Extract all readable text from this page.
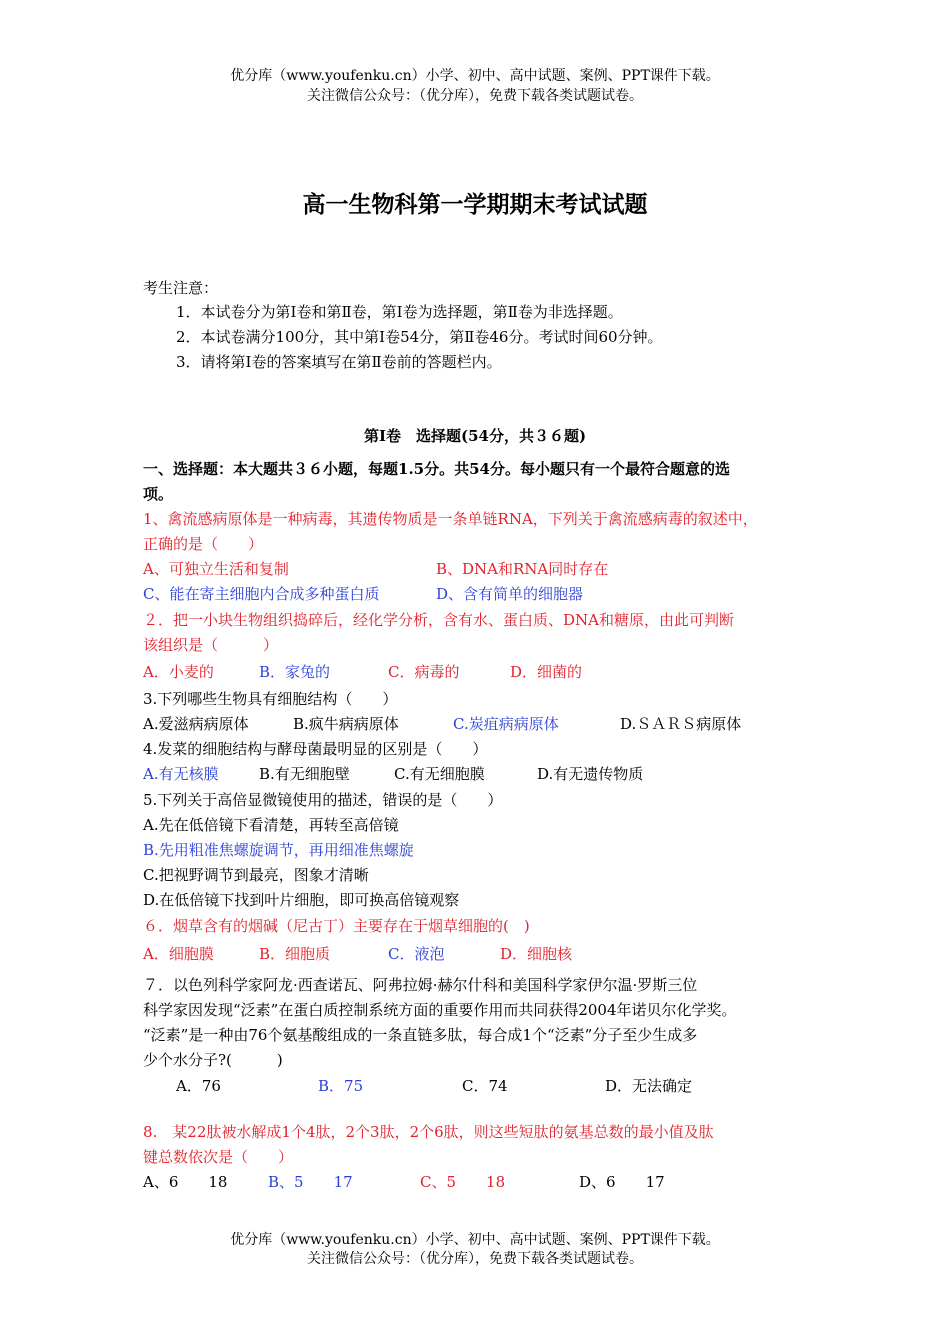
优分库（www.youfenku.cn）小学、初中、高中试题、案例、PPT课件下载。
关注微信公众号：（优分库），免费下载各类试题试卷。
高一生物科第一学期期末考试试题
考生注意：
1．本试卷分为第Ⅰ卷和第Ⅱ卷，第Ⅰ卷为选择题，第Ⅱ卷为非选择题。
2．本试卷满分100分，其中第Ⅰ卷54分，第Ⅱ卷46分。考试时间60分钟。
3．请将第Ⅰ卷的答案填写在第Ⅱ卷前的答题栏内。
第Ⅰ卷　选择题(54分，共３６题)
一、选择题：本大题共３６小题，每题1.5分。共54分。每小题只有一个最符合题意的选
项。
1、禽流感病原体是一种病毒，其遗传物质是一条单链RNA，下列关于禽流感病毒的叙述中，
正确的是（　　）
A、可独立生活和复制	B、DNA和RNA同时存在
C、能在寄主细胞内合成多种蛋白质	D、含有简单的细胞器
２．把一小块生物组织捣碎后，经化学分析，含有水、蛋白质、DNA和糖原，由此可判断
该组织是（　　　）
A．小麦的	B．家兔的	C．病毒的	D．细菌的
3.下列哪些生物具有细胞结构（　　）
A.爱滋病病原体	B.疯牛病病原体	C.炭疽病病原体	D.ＳＡＲＳ病原体
4.发菜的细胞结构与酵母菌最明显的区别是（　　）
A.有无核膜	B.有无细胞壁	C.有无细胞膜	D.有无遗传物质
5.下列关于高倍显微镜使用的描述，错误的是（　　）
A.先在低倍镜下看清楚，再转至高倍镜
B.先用粗准焦螺旋调节，再用细准焦螺旋
C.把视野调节到最亮，图象才清晰
D.在低倍镜下找到叶片细胞，即可换高倍镜观察
６．烟草含有的烟碱（尼古丁）主要存在于烟草细胞的(　)
A．细胞膜	B．细胞质	C．液泡	D．细胞核
７．以色列科学家阿龙·西查诺瓦、阿弗拉姆·赫尔什科和美国科学家伊尔温·罗斯三位
科学家因发现“泛素”在蛋白质控制系统方面的重要作用而共同获得2004年诺贝尔化学奖。
“泛素”是一种由76个氨基酸组成的一条直链多肽，每合成1个“泛素”分子至少生成多
少个水分子?(　　　)
A．76	B．75	C．74	D．无法确定
8.　某22肽被水解成1个4肽，2个3肽，2个6肽，则这些短肽的氨基总数的最小值及肽
键总数依次是（　　）
A、6　　18	B、5　　17	C、5　　18	D、6　　17
优分库（www.youfenku.cn）小学、初中、高中试题、案例、PPT课件下载。
关注微信公众号：（优分库），免费下载各类试题试卷。
